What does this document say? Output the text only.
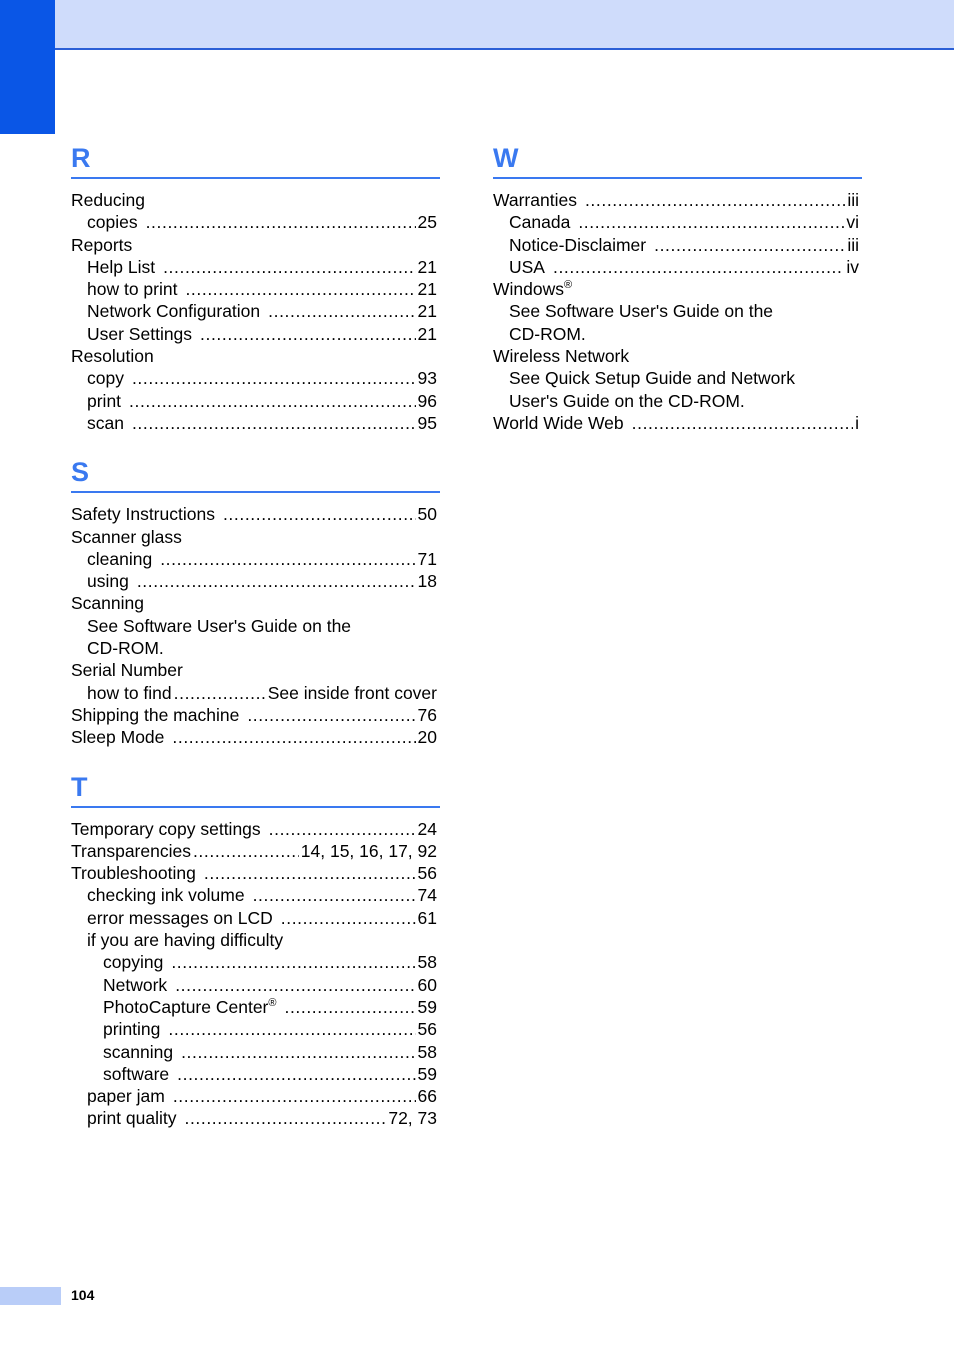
R
Reducing
copies .....	25
Reports
Help List .....	21
how to print .....	21
Network Configuration .....	21
User Settings .....	21
Resolution
copy .....	93
print .....	96
scan .....	95
S
Safety Instructions .....	50
Scanner glass
cleaning .....	71
using .....	18
Scanning
See Software User's Guide on the
CD-ROM.
Serial Number
how to find .....	See inside front cover
Shipping the machine .....	76
Sleep Mode .....	20
T
Temporary copy settings .....	24
Transparencies .....	14, 15, 16, 17, 92
Troubleshooting .....	56
checking ink volume .....	74
error messages on LCD .....	61
if you are having difficulty
copying .....	58
Network .....	60
PhotoCapture Center® .....	59
printing .....	56
scanning .....	58
software .....	59
paper jam .....	66
print quality .....	72, 73
W
Warranties .....	iii
Canada .....	vi
Notice-Disclaimer .....	iii
USA .....	iv
Windows®
See Software User's Guide on the
CD-ROM.
Wireless Network
See Quick Setup Guide and Network
User's Guide on the CD-ROM.
World Wide Web .....	i
104
